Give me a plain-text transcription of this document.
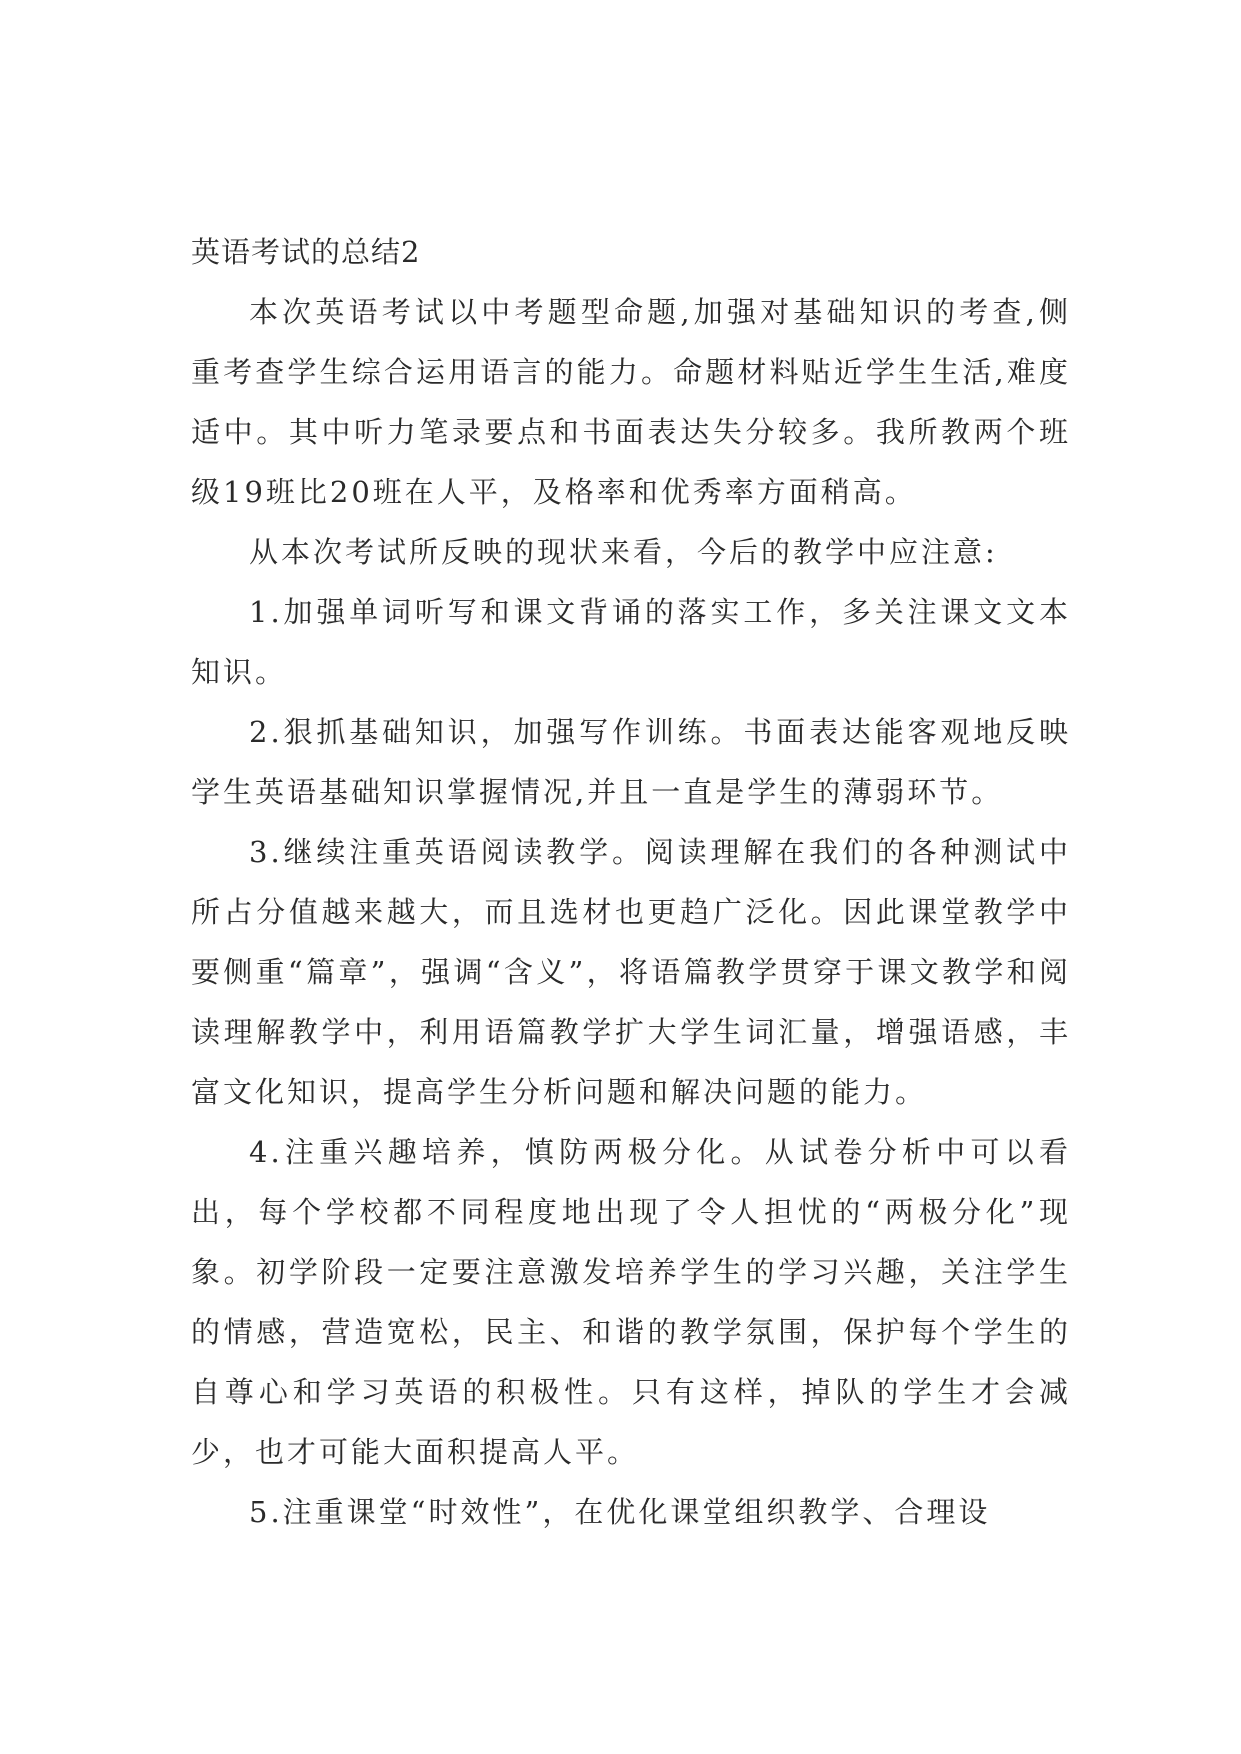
英语考试的总结2

本次英语考试以中考题型命题,加强对基础知识的考查,侧重考查学生综合运用语言的能力。命题材料贴近学生生活,难度适中。其中听力笔录要点和书面表达失分较多。我所教两个班级19班比20班在人平，及格率和优秀率方面稍高。

从本次考试所反映的现状来看，今后的教学中应注意:

1.加强单词听写和课文背诵的落实工作，多关注课文文本知识。

2.狠抓基础知识，加强写作训练。书面表达能客观地反映学生英语基础知识掌握情况,并且一直是学生的薄弱环节。

3.继续注重英语阅读教学。阅读理解在我们的各种测试中所占分值越来越大，而且选材也更趋广泛化。因此课堂教学中要侧重“篇章”，强调“含义”，将语篇教学贯穿于课文教学和阅读理解教学中，利用语篇教学扩大学生词汇量，增强语感，丰富文化知识，提高学生分析问题和解决问题的能力。

4.注重兴趣培养，慎防两极分化。从试卷分析中可以看出，每个学校都不同程度地出现了令人担忧的“两极分化”现象。初学阶段一定要注意激发培养学生的学习兴趣，关注学生的情感，营造宽松，民主、和谐的教学氛围，保护每个学生的自尊心和学习英语的积极性。只有这样，掉队的学生才会减少，也才可能大面积提高人平。

5.注重课堂“时效性”，在优化课堂组织教学、合理设
